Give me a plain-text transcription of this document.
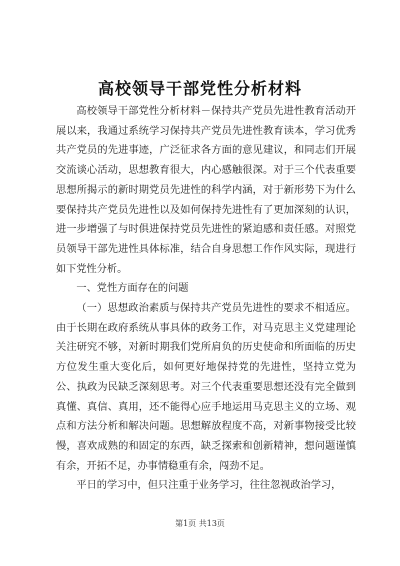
高校领导干部党性分析材料

高校领导干部党性分析材料－保持共产党员先进性教育活动开展以来，我通过系统学习保持共产党员先进性教育读本，学习优秀共产党员的先进事迹，广泛征求各方面的意见建议，和同志们开展交流谈心活动，思想教育很大，内心感触很深。对于三个代表重要思想所揭示的新时期党员先进性的科学内涵，对于新形势下为什么要保持共产党员先进性以及如何保持先进性有了更加深刻的认识，进一步增强了与时俱进保持党员先进性的紧迫感和责任感。对照党员领导干部先进性具体标准，结合自身思想工作作风实际，现进行如下党性分析。

一、党性方面存在的问题

（一）思想政治素质与保持共产党员先进性的要求不相适应。由于长期在政府系统从事具体的政务工作，对马克思主义党建理论关注研究不够，对新时期我们党所肩负的历史使命和所面临的历史方位发生重大变化后，如何更好地保持党的先进性，坚持立党为公、执政为民缺乏深刻思考。对三个代表重要思想还没有完全做到真懂、真信、真用，还不能得心应手地运用马克思主义的立场、观点和方法分析和解决问题。思想解放程度不高，对新事物接受比较慢，喜欢成熟的和固定的东西，缺乏探索和创新精神，想问题谨慎有余，开拓不足，办事情稳重有余，闯劲不足。

平日的学习中，但只注重于业务学习，往往忽视政治学习，

第1页 共13页
